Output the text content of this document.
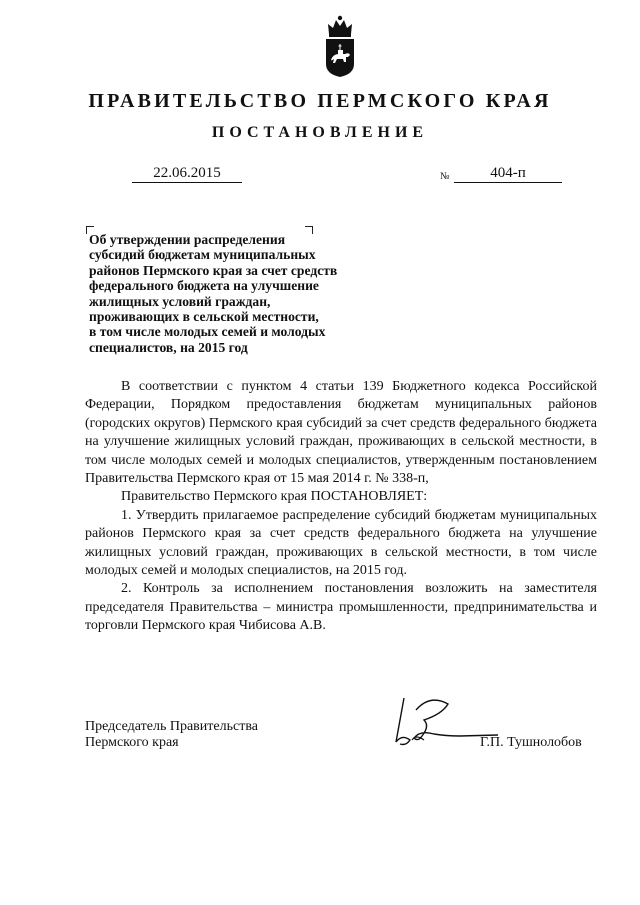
ПРАВИТЕЛЬСТВО ПЕРМСКОГО КРАЯ
ПОСТАНОВЛЕНИЕ
22.06.2015	№	404-п
Об утверждении распределения
субсидий бюджетам муниципальных
районов Пермского края за счет средств
федерального бюджета на улучшение
жилищных условий граждан,
проживающих в сельской местности,
в том числе молодых семей и молодых
специалистов, на 2015 год

В соответствии с пунктом 4 статьи 139 Бюджетного кодекса Российской Федерации, Порядком предоставления бюджетам муниципальных районов (городских округов) Пермского края субсидий за счет средств федерального бюджета на улучшение жилищных условий граждан, проживающих в сельской местности, в том числе молодых семей и молодых специалистов, утвержденным постановлением Правительства Пермского края от 15 мая 2014 г. № 338-п,

Правительство Пермского края ПОСТАНОВЛЯЕТ:

1. Утвердить прилагаемое распределение субсидий бюджетам муниципальных районов Пермского края за счет средств федерального бюджета на улучшение жилищных условий граждан, проживающих в сельской местности, в том числе молодых семей и молодых специалистов, на 2015 год.

2. Контроль за исполнением постановления возложить на заместителя председателя Правительства – министра промышленности, предпринимательства и торговли Пермского края Чибисова А.В.

Председатель Правительства
Пермского края	Г.П. Тушнолобов
